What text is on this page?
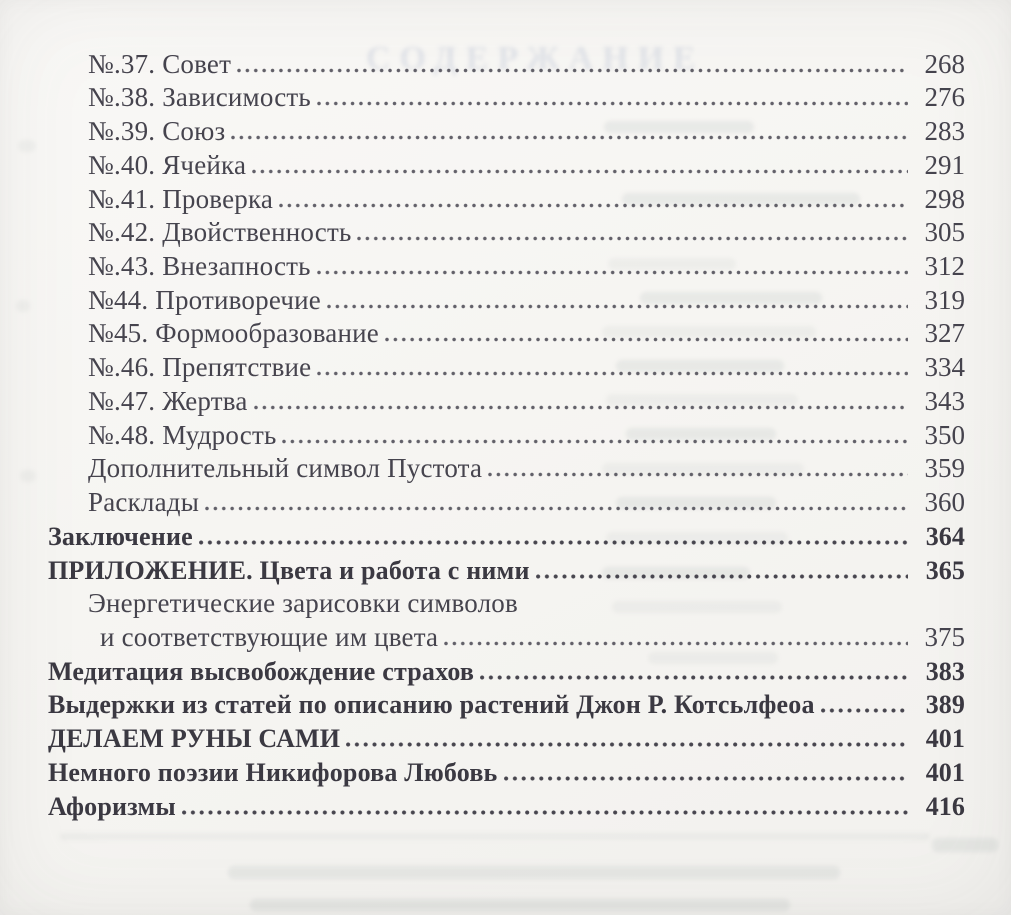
СОДЕРЖАНИЕ
№.37. Совет	268
№.38. Зависимость	276
№.39. Союз	283
№.40. Ячейка	291
№.41. Проверка	298
№.42. Двойственность	305
№.43. Внезапность	312
№44. Противоречие	319
№45. Формообразование	327
№.46. Препятствие	334
№.47. Жертва	343
№.48. Мудрость	350
Дополнительный символ Пустота	359
Расклады	360
Заключение	364
ПРИЛОЖЕНИЕ. Цвета и работа с ними	365
Энергетические зарисовки символов
и соответствующие им цвета	375
Медитация высвобождение страхов	383
Выдержки из статей по описанию растений Джон Р. Котсьлфеоа	389
ДЕЛАЕМ РУНЫ САМИ	401
Немного поэзии Никифорова Любовь	401
Афоризмы	416
